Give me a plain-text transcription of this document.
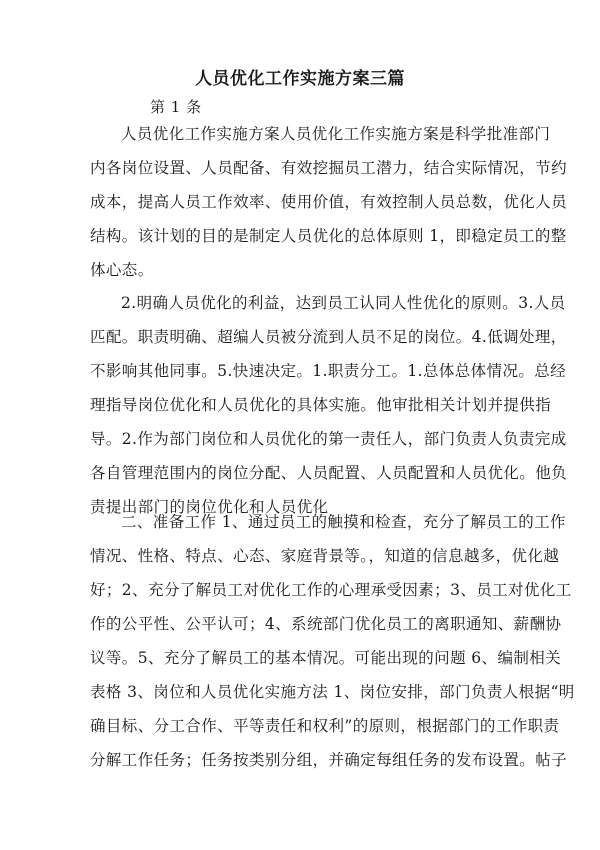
人员优化工作实施方案三篇
第 1 条
人员优化工作实施方案人员优化工作实施方案是科学批准部门
内各岗位设置、人员配备、有效挖掘员工潜力，结合实际情况，节约
成本，提高人员工作效率、使用价值，有效控制人员总数，优化人员
结构。该计划的目的是制定人员优化的总体原则 1，即稳定员工的整
体心态。
2.明确人员优化的利益，达到员工认同人性优化的原则。3.人员
匹配。职责明确、超编人员被分流到人员不足的岗位。4.低调处理，
不影响其他同事。5.快速决定。1.职责分工。1.总体总体情况。总经
理指导岗位优化和人员优化的具体实施。他审批相关计划并提供指
导。2.作为部门岗位和人员优化的第一责任人，部门负责人负责完成
各自管理范围内的岗位分配、人员配置、人员配置和人员优化。他负
责提出部门的岗位优化和人员优化
二、准备工作 1、通过员工的触摸和检查，充分了解员工的工作
情况、性格、特点、心态、家庭背景等。，知道的信息越多，优化越
好；2、充分了解员工对优化工作的心理承受因素；3、员工对优化工
作的公平性、公平认可；4、系统部门优化员工的离职通知、薪酬协
议等。5、充分了解员工的基本情况。可能出现的问题 6、编制相关
表格 3、岗位和人员优化实施方法 1、岗位安排，部门负责人根据“明
确目标、分工合作、平等责任和权利”的原则，根据部门的工作职责
分解工作任务；任务按类别分组，并确定每组任务的发布设置。帖子
